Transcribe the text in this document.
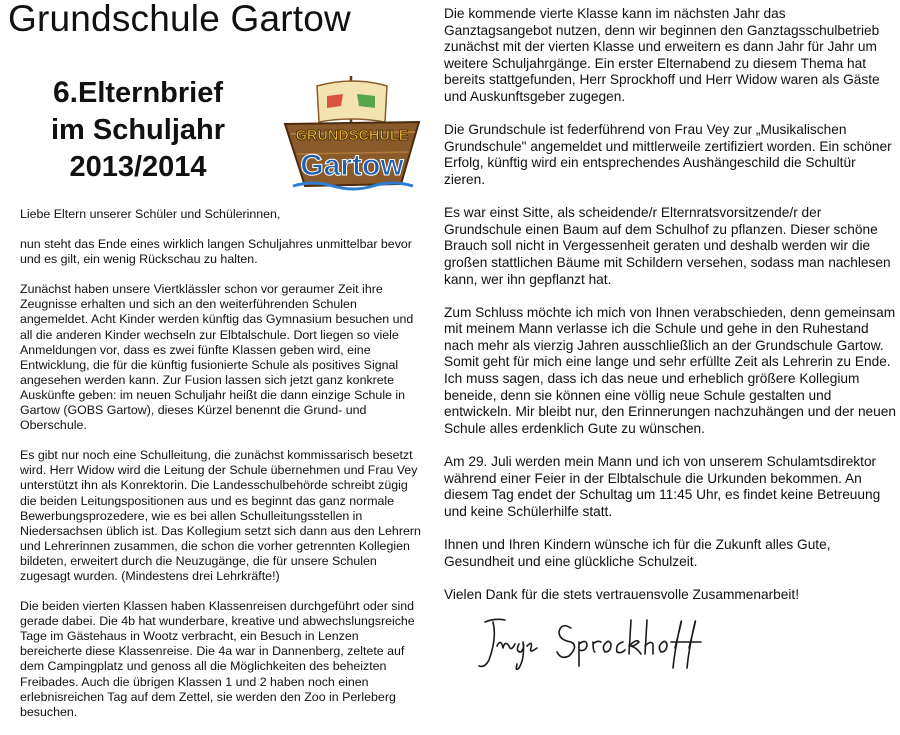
Grundschule Gartow
6.Elternbrief
im Schuljahr
2013/2014
GRUNDSCHULE
Gartow

Liebe Eltern unserer Schüler und Schülerinnen,

nun steht das Ende eines wirklich langen Schuljahres unmittelbar bevor und es gilt, ein wenig Rückschau zu halten.

Zunächst haben unsere Viertklässler schon vor geraumer Zeit ihre Zeugnisse erhalten und sich an den weiterführenden Schulen angemeldet. Acht Kinder werden künftig das Gymnasium besuchen und all die anderen Kinder wechseln zur Elbtalschule. Dort liegen so viele Anmeldungen vor, dass es zwei fünfte Klassen geben wird, eine Entwicklung, die für die künftig fusionierte Schule als positives Signal angesehen werden kann. Zur Fusion lassen sich jetzt ganz konkrete Auskünfte geben: im neuen Schuljahr heißt die dann einzige Schule in Gartow (GOBS Gartow), dieses Kürzel benennt die Grund- und Oberschule.

Es gibt nur noch eine Schulleitung, die zunächst kommissarisch besetzt wird. Herr Widow wird die Leitung der Schule übernehmen und Frau Vey unterstützt ihn als Konrektorin. Die Landesschulbehörde schreibt zügig die beiden Leitungspositionen aus und es beginnt das ganz normale Bewerbungsprozedere, wie es bei allen Schulleitungsstellen in Niedersachsen üblich ist. Das Kollegium setzt sich dann aus den Lehrern und Lehrerinnen zusammen, die schon die vorher getrennten Kollegien bildeten, erweitert durch die Neuzugänge, die für unsere Schulen zugesagt wurden. (Mindestens drei Lehrkräfte!)

Die beiden vierten Klassen haben Klassenreisen durchgeführt oder sind gerade dabei. Die 4b hat wunderbare, kreative und abwechslungsreiche Tage im Gästehaus in Wootz verbracht, ein Besuch in Lenzen bereicherte diese Klassenreise. Die 4a war in Dannenberg, zeltete auf dem Campingplatz und genoss all die Möglichkeiten des beheizten Freibades. Auch die übrigen Klassen 1 und 2 haben noch einen erlebnisreichen Tag auf dem Zettel, sie werden den Zoo in Perleberg besuchen.

Die kommende vierte Klasse kann im nächsten Jahr das Ganztagsangebot nutzen, denn wir beginnen den Ganztagsschulbetrieb zunächst mit der vierten Klasse und erweitern es dann Jahr für Jahr um weitere Schuljahrgänge. Ein erster Elternabend zu diesem Thema hat bereits stattgefunden, Herr Sprockhoff und Herr Widow waren als Gäste und Auskunftsgeber zugegen.

Die Grundschule ist federführend von Frau Vey zur „Musikalischen Grundschule" angemeldet und mittlerweile zertifiziert worden. Ein schöner Erfolg, künftig wird ein entsprechendes Aushängeschild die Schultür zieren.

Es war einst Sitte, als scheidende/r Elternratsvorsitzende/r der Grundschule einen Baum auf dem Schulhof zu pflanzen. Dieser schöne Brauch soll nicht in Vergessenheit geraten und deshalb werden wir die großen stattlichen Bäume mit Schildern versehen, sodass man nachlesen kann, wer ihn gepflanzt hat.

Zum Schluss möchte ich mich von Ihnen verabschieden, denn gemeinsam mit meinem Mann verlasse ich die Schule und gehe in den Ruhestand nach mehr als vierzig Jahren ausschließlich an der Grundschule Gartow. Somit geht für mich eine lange und sehr erfüllte Zeit als Lehrerin zu Ende. Ich muss sagen, dass ich das neue und erheblich größere Kollegium beneide, denn sie können eine völlig neue Schule gestalten und entwickeln. Mir bleibt nur, den Erinnerungen nachzuhängen und der neuen Schule alles erdenklich Gute zu wünschen.

Am 29. Juli werden mein Mann und ich von unserem Schulamtsdirektor während einer Feier in der Elbtalschule die Urkunden bekommen. An diesem Tag endet der Schultag um 11:45 Uhr, es findet keine Betreuung und keine Schülerhilfe statt.

Ihnen und Ihren Kindern wünsche ich für die Zukunft alles Gute, Gesundheit und eine glückliche Schulzeit.

Vielen Dank für die stets vertrauensvolle Zusammenarbeit!
